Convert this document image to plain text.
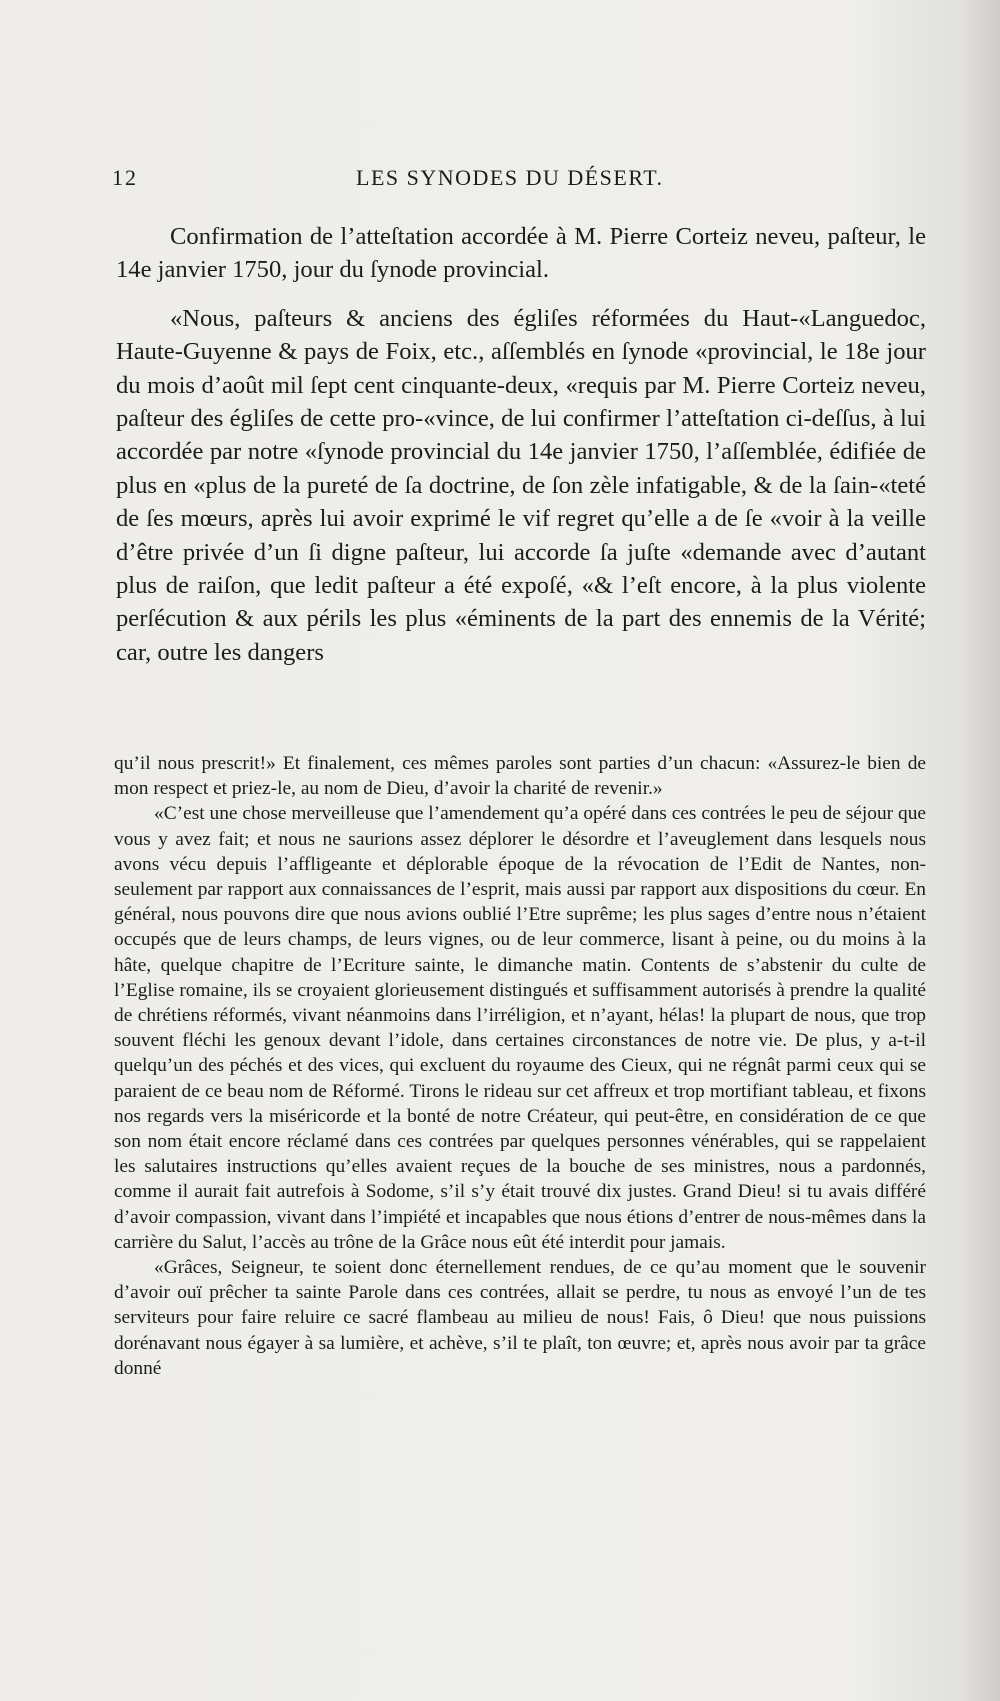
12	LES SYNODES DU DÉSERT.

Confirmation de l’atteſtation accordée à M. Pierre Corteiz neveu, paſteur, le 14e janvier 1750, jour du ſynode provincial.

«Nous, paſteurs & anciens des égliſes réformées du Haut-«Languedoc, Haute-Guyenne & pays de Foix, etc., aſſemblés en ſynode «provincial, le 18e jour du mois d’août mil ſept cent cinquante-deux, «requis par M. Pierre Corteiz neveu, paſteur des égliſes de cette pro-«vince, de lui confirmer l’atteſtation ci-deſſus, à lui accordée par notre «ſynode provincial du 14e janvier 1750, l’aſſemblée, édifiée de plus en «plus de la pureté de ſa doctrine, de ſon zèle infatigable, & de la ſain-«teté de ſes mœurs, après lui avoir exprimé le vif regret qu’elle a de ſe «voir à la veille d’être privée d’un ſi digne paſteur, lui accorde ſa juſte «demande avec d’autant plus de raiſon, que ledit paſteur a été expoſé, «& l’eſt encore, à la plus violente perſécution & aux périls les plus «éminents de la part des ennemis de la Vérité; car, outre les dangers

qu’il nous prescrit!» Et finalement, ces mêmes paroles sont parties d’un chacun: «Assurez-le bien de mon respect et priez-le, au nom de Dieu, d’avoir la charité de revenir.»

«C’est une chose merveilleuse que l’amendement qu’a opéré dans ces contrées le peu de séjour que vous y avez fait; et nous ne saurions assez déplorer le désordre et l’aveuglement dans lesquels nous avons vécu depuis l’affligeante et déplorable époque de la révocation de l’Edit de Nantes, non-seulement par rapport aux connaissances de l’esprit, mais aussi par rapport aux dispositions du cœur. En général, nous pouvons dire que nous avions oublié l’Etre suprême; les plus sages d’entre nous n’étaient occupés que de leurs champs, de leurs vignes, ou de leur commerce, lisant à peine, ou du moins à la hâte, quelque chapitre de l’Ecriture sainte, le dimanche matin. Contents de s’abstenir du culte de l’Eglise romaine, ils se croyaient glorieusement distingués et suffisamment autorisés à prendre la qualité de chrétiens réformés, vivant néanmoins dans l’irréligion, et n’ayant, hélas! la plupart de nous, que trop souvent fléchi les genoux devant l’idole, dans certaines circonstances de notre vie. De plus, y a-t-il quelqu’un des péchés et des vices, qui excluent du royaume des Cieux, qui ne régnât parmi ceux qui se paraient de ce beau nom de Réformé. Tirons le rideau sur cet affreux et trop mortifiant tableau, et fixons nos regards vers la miséricorde et la bonté de notre Créateur, qui peut-être, en considération de ce que son nom était encore réclamé dans ces contrées par quelques personnes vénérables, qui se rappelaient les salutaires instructions qu’elles avaient reçues de la bouche de ses ministres, nous a pardonnés, comme il aurait fait autrefois à Sodome, s’il s’y était trouvé dix justes. Grand Dieu! si tu avais différé d’avoir compassion, vivant dans l’impiété et incapables que nous étions d’entrer de nous-mêmes dans la carrière du Salut, l’accès au trône de la Grâce nous eût été interdit pour jamais.

«Grâces, Seigneur, te soient donc éternellement rendues, de ce qu’au moment que le souvenir d’avoir ouï prêcher ta sainte Parole dans ces contrées, allait se perdre, tu nous as envoyé l’un de tes serviteurs pour faire reluire ce sacré flambeau au milieu de nous! Fais, ô Dieu! que nous puissions dorénavant nous égayer à sa lumière, et achève, s’il te plaît, ton œuvre; et, après nous avoir par ta grâce donné
